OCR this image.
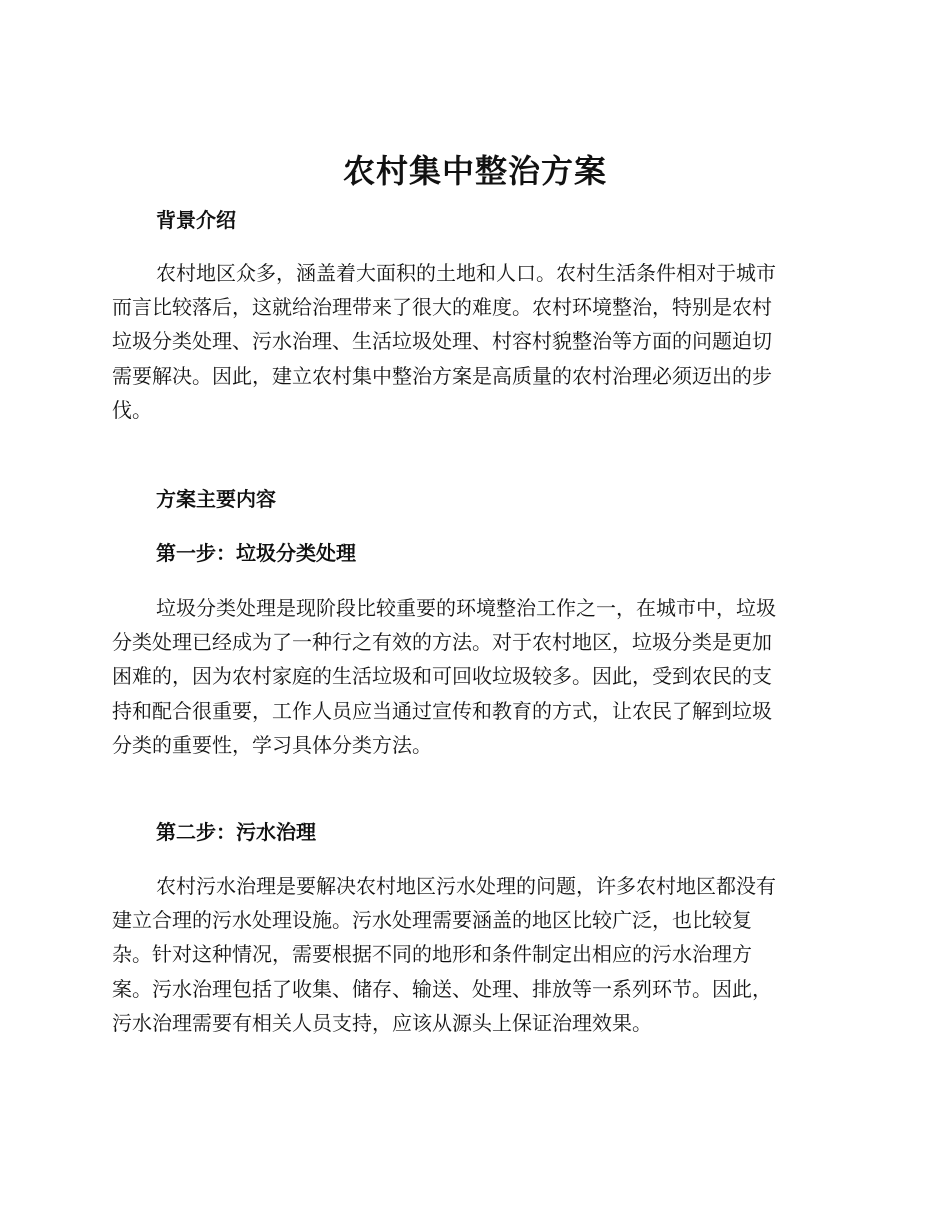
农村集中整治方案
背景介绍
农村地区众多，涵盖着大面积的土地和人口。农村生活条件相对于城市
而言比较落后，这就给治理带来了很大的难度。农村环境整治，特别是农村
垃圾分类处理、污水治理、生活垃圾处理、村容村貌整治等方面的问题迫切
需要解决。因此，建立农村集中整治方案是高质量的农村治理必须迈出的步
伐。
方案主要内容
第一步：垃圾分类处理
垃圾分类处理是现阶段比较重要的环境整治工作之一，在城市中，垃圾
分类处理已经成为了一种行之有效的方法。对于农村地区，垃圾分类是更加
困难的，因为农村家庭的生活垃圾和可回收垃圾较多。因此，受到农民的支
持和配合很重要，工作人员应当通过宣传和教育的方式，让农民了解到垃圾
分类的重要性，学习具体分类方法。
第二步：污水治理
农村污水治理是要解决农村地区污水处理的问题，许多农村地区都没有
建立合理的污水处理设施。污水处理需要涵盖的地区比较广泛，也比较复
杂。针对这种情况，需要根据不同的地形和条件制定出相应的污水治理方
案。污水治理包括了收集、储存、输送、处理、排放等一系列环节。因此，
污水治理需要有相关人员支持，应该从源头上保证治理效果。
